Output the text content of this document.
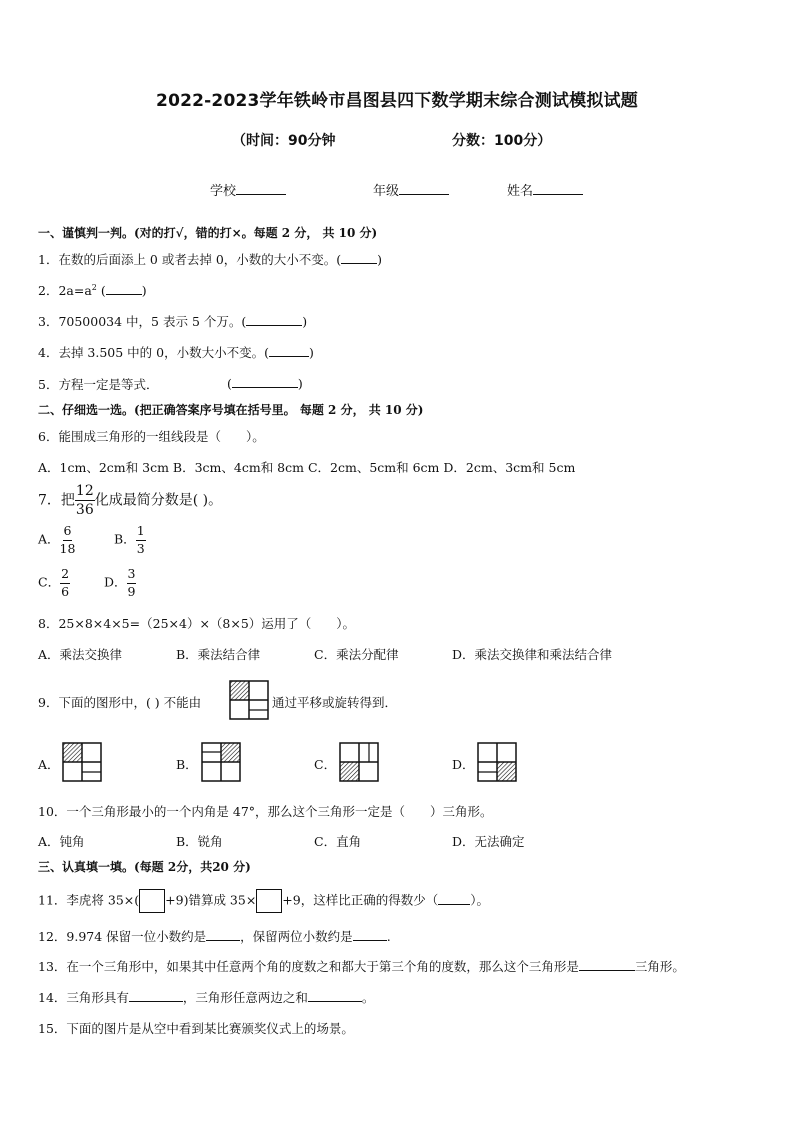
2022-2023学年铁岭市昌图县四下数学期末综合测试模拟试题
（时间：90分钟	分数：100分）
学校	年级	姓名
一、谨慎判一判。(对的打√，错的打×。每题 2 分， 共 10 分)
1．在数的后面添上 0 或者去掉 0，小数的大小不变。(	)
2．$2a=a^2$ (	)
3．70500034 中，5 表示 5 个万。(	)
4．去掉 3.505 中的 0，小数大小不变。(	)
5．方程一定是等式．	(	)
二、仔细选一选。(把正确答案序号填在括号里。 每题 2 分， 共 10 分)
6．能围成三角形的一组线段是（　　）。
A．1cm、2cm和 3cm B．3cm、4cm和 8cm C．2cm、5cm和 6cm D．2cm、3cm和 5cm
7．把 $\frac{12}{36}$ 化成最简分数是( )。
A． $\frac{6}{18}$	B． $\frac{1}{3}$
C． $\frac{2}{6}$	D． $\frac{3}{9}$
8．25×8×4×5=（25×4）×（8×5）运用了（　　）。
A．乘法交换律	B．乘法结合律	C．乘法分配律	D．乘法交换律和乘法结合律
9．下面的图形中，( ) 不能由	通过平移或旋转得到．
A．	B．	C．	D．
10．一个三角形最小的一个内角是 47°，那么这个三角形一定是（　　）三角形。
A．钝角	B．锐角	C．直角	D．无法确定
三、认真填一填。(每题 2分，共20 分)
11．李虎将 35×( +9)错算成 35× +9，这样比正确的得数少（	）。
12．9.974 保留一位小数约是	，保留两位小数约是	.
13．在一个三角形中，如果其中任意两个角的度数之和都大于第三个角的度数，那么这个三角形是	三角形。
14．三角形具有	，三角形任意两边之和	。
15．下面的图片是从空中看到某比赛颁奖仪式上的场景。
